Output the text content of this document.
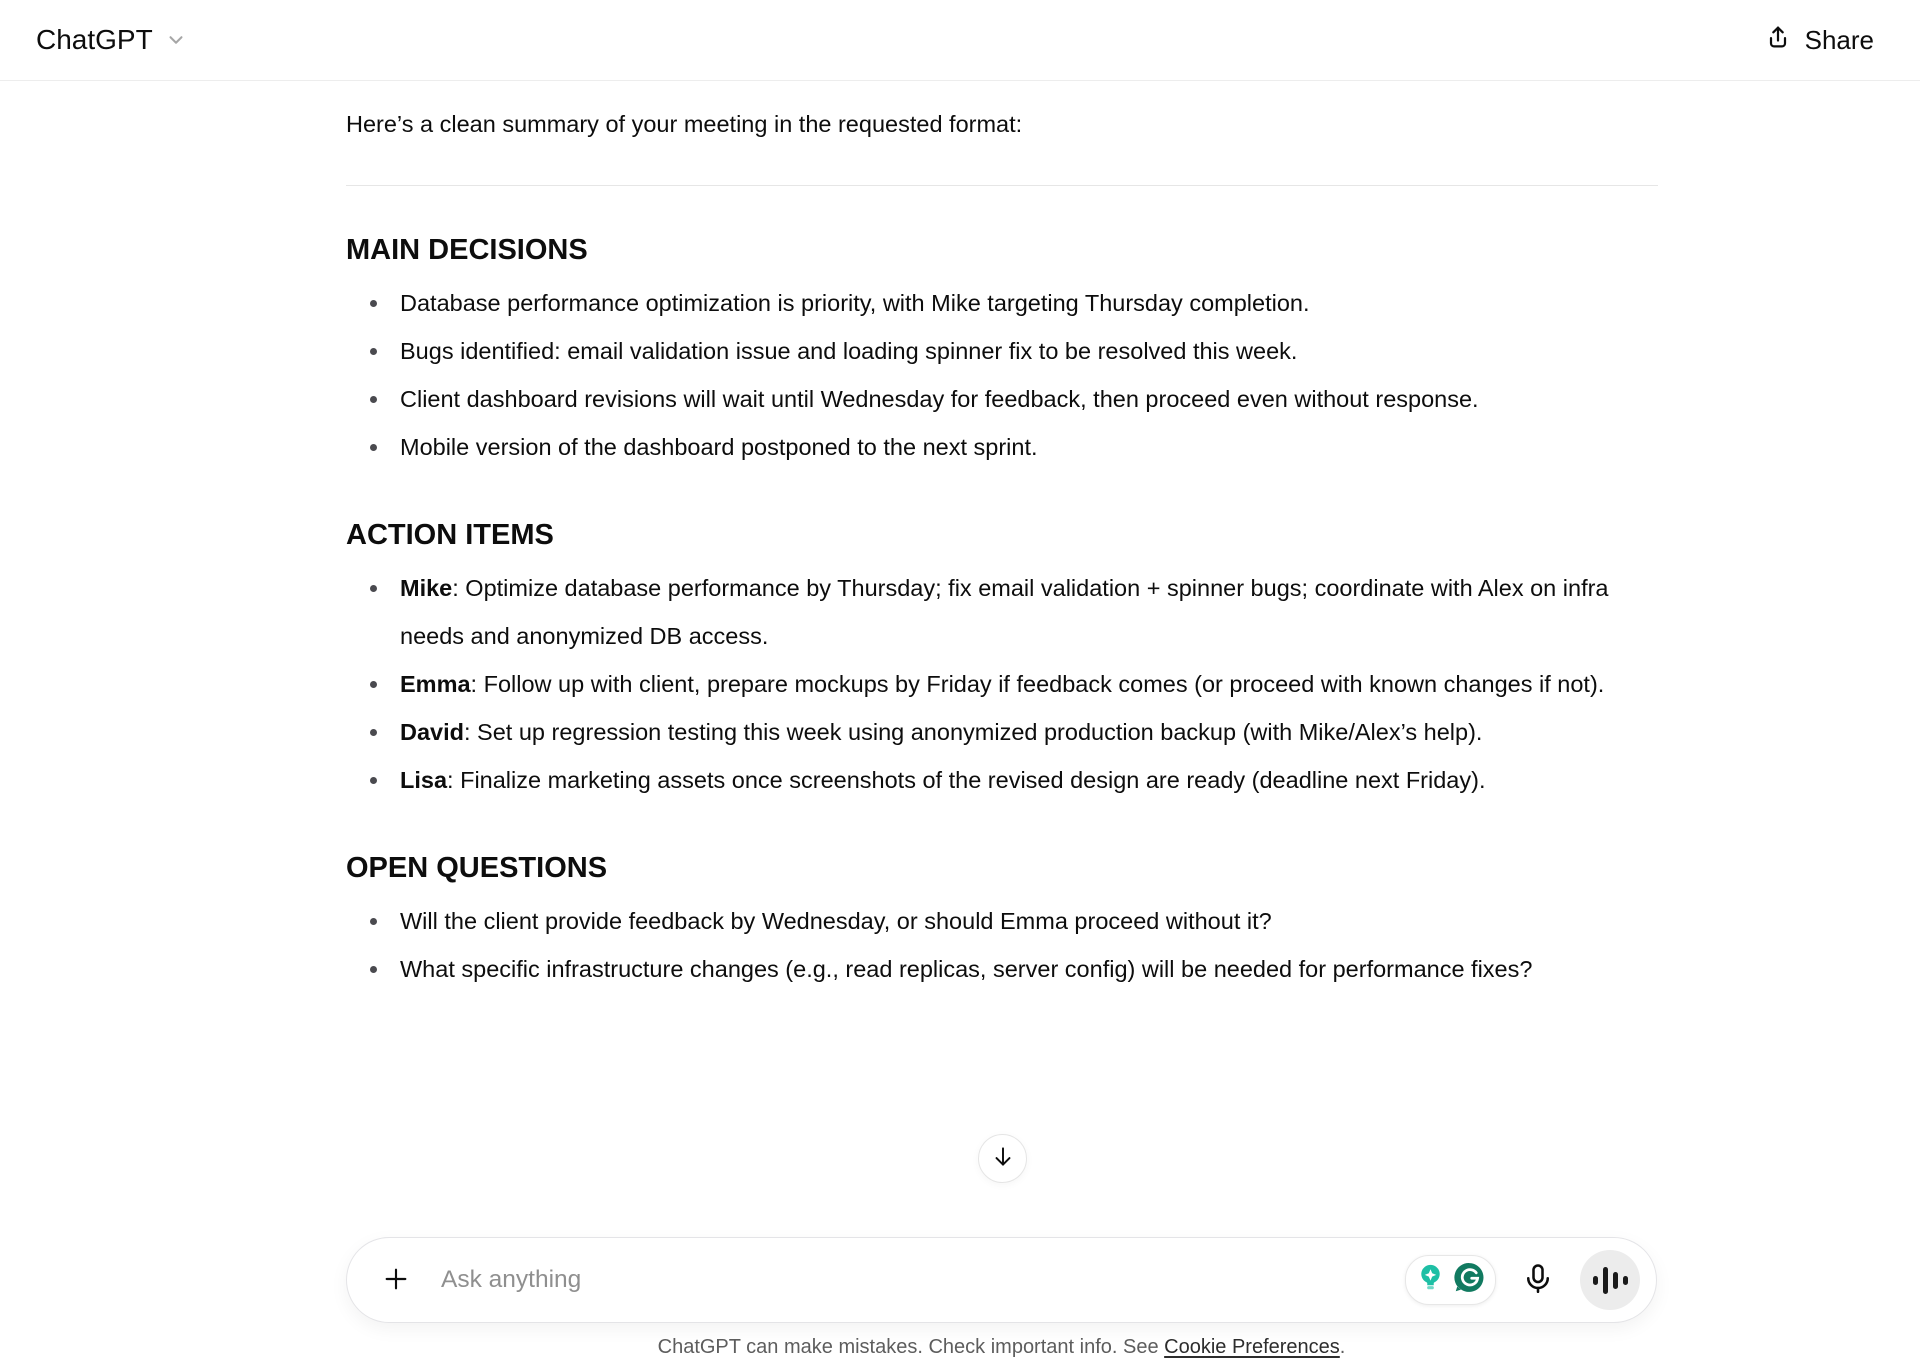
ChatGPT	Share

Here’s a clean summary of your meeting in the requested format:

MAIN DECISIONS
Database performance optimization is priority, with Mike targeting Thursday completion.
Bugs identified: email validation issue and loading spinner fix to be resolved this week.
Client dashboard revisions will wait until Wednesday for feedback, then proceed even without response.
Mobile version of the dashboard postponed to the next sprint.
ACTION ITEMS
Mike: Optimize database performance by Thursday; fix email validation + spinner bugs; coordinate with Alex on infra needs and anonymized DB access.
Emma: Follow up with client, prepare mockups by Friday if feedback comes (or proceed with known changes if not).
David: Set up regression testing this week using anonymized production backup (with Mike/Alex’s help).
Lisa: Finalize marketing assets once screenshots of the revised design are ready (deadline next Friday).
OPEN QUESTIONS
Will the client provide feedback by Wednesday, or should Emma proceed without it?
What specific infrastructure changes (e.g., read replicas, server config) will be needed for performance fixes?
Ask anything
ChatGPT can make mistakes. Check important info. See Cookie Preferences.
